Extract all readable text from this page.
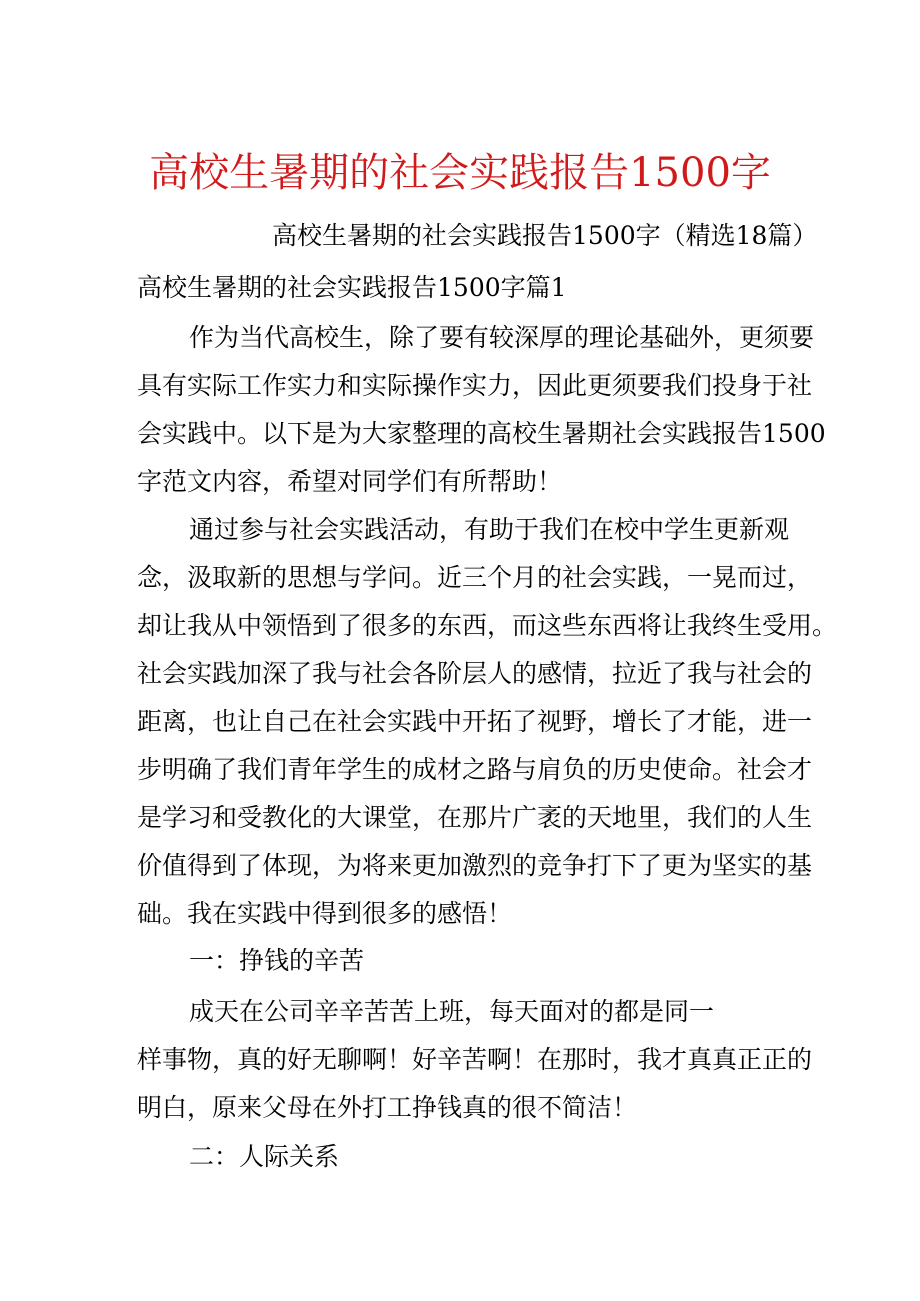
高校生暑期的社会实践报告1500字
高校生暑期的社会实践报告1500字（精选18篇）
高校生暑期的社会实践报告1500字篇1
作为当代高校生，除了要有较深厚的理论基础外，更须要
具有实际工作实力和实际操作实力，因此更须要我们投身于社
会实践中。以下是为大家整理的高校生暑期社会实践报告1500
字范文内容，希望对同学们有所帮助！
通过参与社会实践活动，有助于我们在校中学生更新观
念，汲取新的思想与学问。近三个月的社会实践，一晃而过，
却让我从中领悟到了很多的东西，而这些东西将让我终生受用。
社会实践加深了我与社会各阶层人的感情，拉近了我与社会的
距离，也让自己在社会实践中开拓了视野，增长了才能，进一
步明确了我们青年学生的成材之路与肩负的历史使命。社会才
是学习和受教化的大课堂，在那片广袤的天地里，我们的人生
价值得到了体现，为将来更加激烈的竞争打下了更为坚实的基
础。我在实践中得到很多的感悟！
一：挣钱的辛苦
成天在公司辛辛苦苦上班，每天面对的都是同一
样事物，真的好无聊啊！好辛苦啊！在那时，我才真真正正的
明白，原来父母在外打工挣钱真的很不简洁！
二：人际关系
